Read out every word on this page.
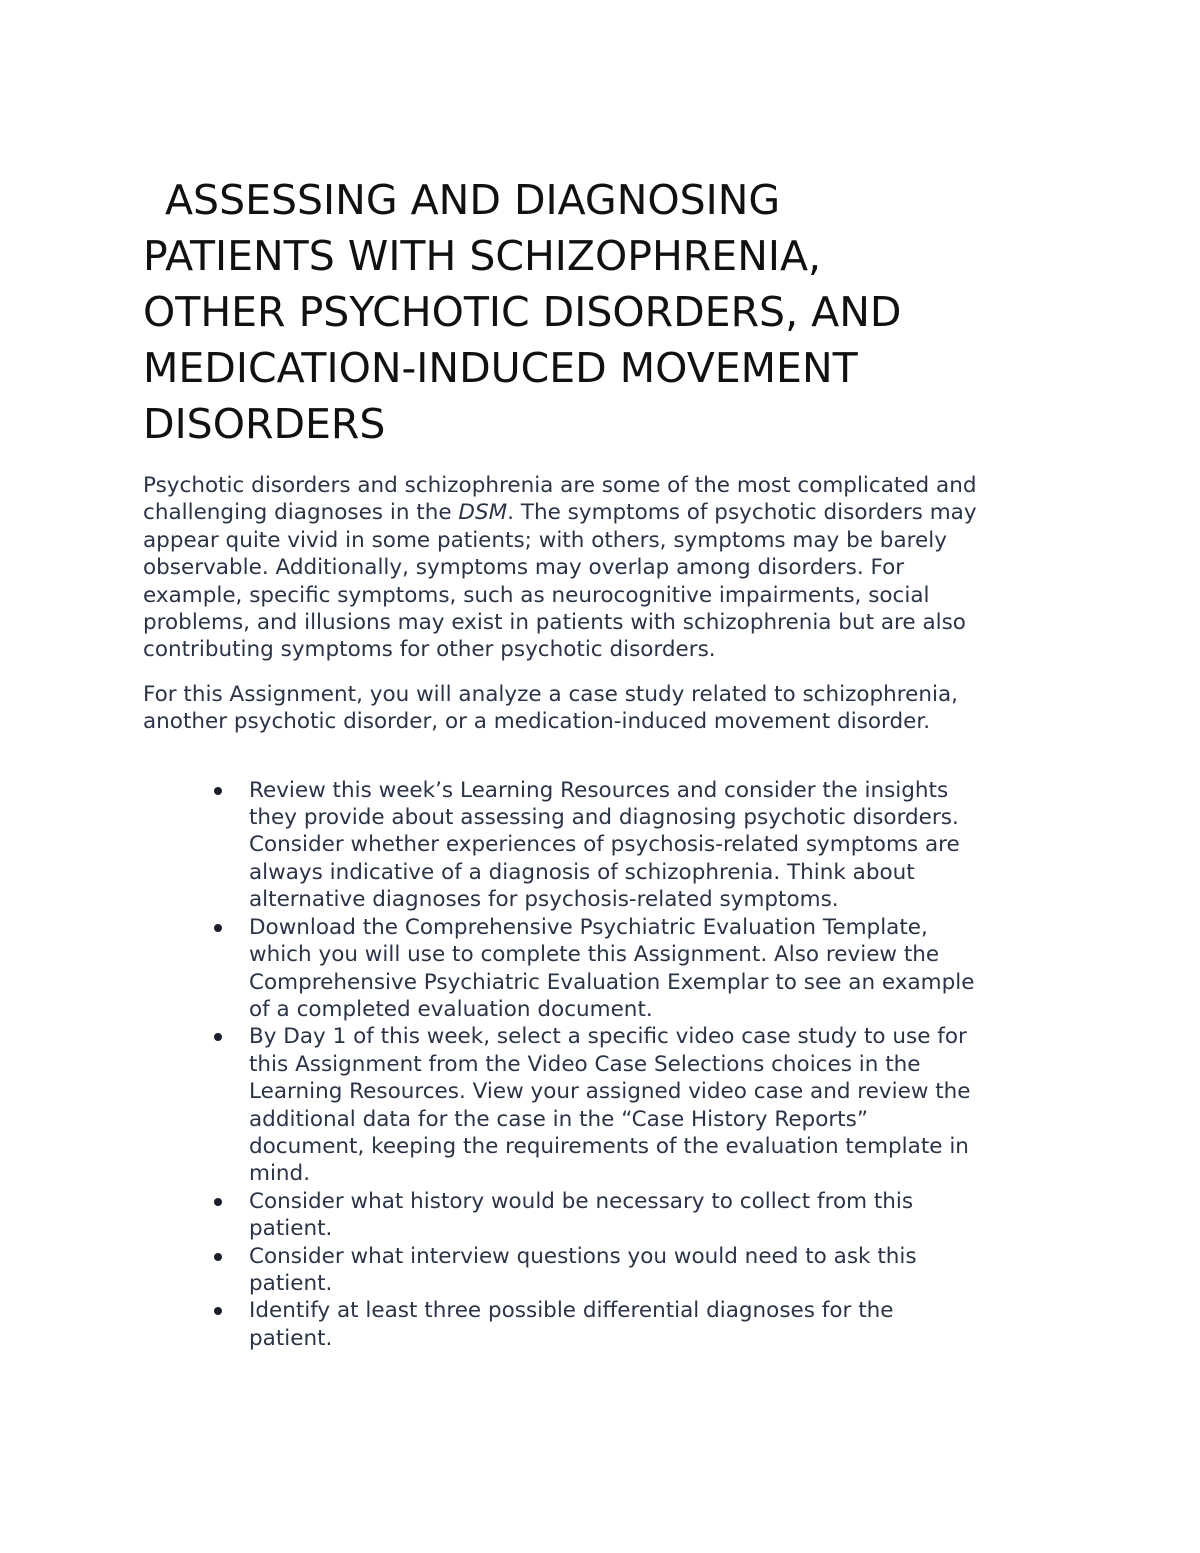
ASSESSING AND DIAGNOSING
PATIENTS WITH SCHIZOPHRENIA,
OTHER PSYCHOTIC DISORDERS, AND
MEDICATION-INDUCED MOVEMENT
DISORDERS

Psychotic disorders and schizophrenia are some of the most complicated and
challenging diagnoses in the DSM. The symptoms of psychotic disorders may
appear quite vivid in some patients; with others, symptoms may be barely
observable. Additionally, symptoms may overlap among disorders. For
example, specific symptoms, such as neurocognitive impairments, social
problems, and illusions may exist in patients with schizophrenia but are also
contributing symptoms for other psychotic disorders.

For this Assignment, you will analyze a case study related to schizophrenia,
another psychotic disorder, or a medication-induced movement disorder.

Review this week’s Learning Resources and consider the insights
they provide about assessing and diagnosing psychotic disorders.
Consider whether experiences of psychosis-related symptoms are
always indicative of a diagnosis of schizophrenia. Think about
alternative diagnoses for psychosis-related symptoms.
Download the Comprehensive Psychiatric Evaluation Template,
which you will use to complete this Assignment. Also review the
Comprehensive Psychiatric Evaluation Exemplar to see an example
of a completed evaluation document.
By Day 1 of this week, select a specific video case study to use for
this Assignment from the Video Case Selections choices in the
Learning Resources. View your assigned video case and review the
additional data for the case in the “Case History Reports”
document, keeping the requirements of the evaluation template in
mind.
Consider what history would be necessary to collect from this
patient.
Consider what interview questions you would need to ask this
patient.
Identify at least three possible differential diagnoses for the
patient.
